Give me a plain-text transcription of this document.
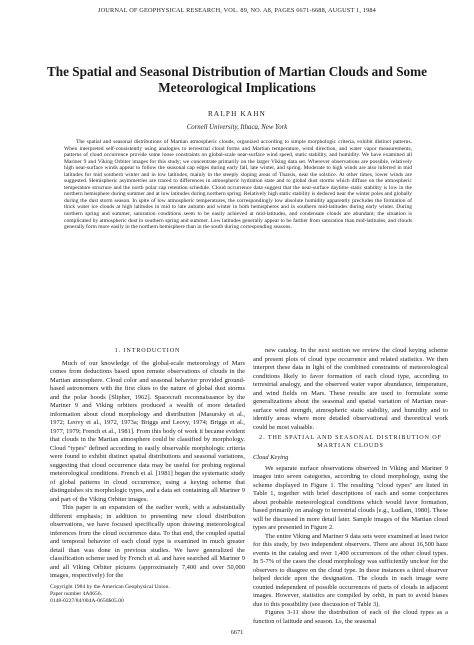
JOURNAL OF GEOPHYSICAL RESEARCH, VOL. 89, NO. A8, PAGES 6671-6688, AUGUST 1, 1984
The Spatial and Seasonal Distribution of Martian Clouds and Some Meteorological Implications
RALPH KAHN
Cornell University, Ithaca, New York

The spatial and seasonal distributions of Martian atmospheric clouds, organized according to simple morphologic criteria, exhibit distinct patterns. When interpreted self-consistently using analogies to terrestrial cloud forms and Martian temperature, wind direction, and water vapor measurements, patterns of cloud occurrence provide some loose constraints on global-scale near-surface wind speed, static stability, and humidity. We have examined all Mariner 9 and Viking Orbiter images for this study; we concentrate primarily on the larger Viking data set. Wherever observations are possible, relatively high near-surface winds appear to follow the seasonal cap edges during early fall, late winter, and spring. Moderate to high winds are also inferred in mid latitudes for mid southern winter and in low latitudes, mainly in the steeply sloping areas of Tharsis, near the solstice. At other times, lower winds are suggested. Hemispheric asymmetries are traced to differences in atmospheric hydration state and to global dust storms which diffuse on the atmospheric temperature structure and the north polar cap retention schedule. Cloud occurrence data suggest that the near-surface daytime static stability is low in the northern hemisphere during summer and at low latitudes during northern spring. Relatively high static stability is deduced near the winter poles and globally during the dust storm season. In spite of low atmospheric temperatures, the correspondingly low absolute humidity apparently precludes the formation of thick water ice clouds at high latitudes in mid to late autumn and winter in both hemispheres and in southern mid-latitudes during early winter. During northern spring and summer, saturation conditions seem to be easily achieved at mid-latitudes, and condensate clouds are abundant; the situation is complicated by atmospheric dust in southern spring and summer. Low latitudes generally appear to be farther from saturation than mid-latitudes, and clouds generally form more easily in the northern hemisphere than in the south during corresponding seasons.

1. INTRODUCTION

Much of our knowledge of the global-scale meteorology of Mars comes from deductions based upon remote observations of clouds in the Martian atmosphere. Cloud color and seasonal behavior provided ground-based astronomers with the first clues to the nature of global dust storms and the polar hoods [Slipher, 1962]. Spacecraft reconnaissance by the Mariner 9 and Viking orbiters produced a wealth of more detailed information about cloud morphology and distribution [Masursky et al., 1972; Leovy et al., 1972, 1973a; Briggs and Leovy, 1974; Briggs et al., 1977, 1979; French et al., 1981]. From this body of work it became evident that clouds in the Martian atmosphere could be classified by morphology. Cloud "types" defined according to easily observable morphologic criteria were found to exhibit distinct spatial distributions and seasonal variations, suggesting that cloud occurrence data may be useful for probing regional meteorological conditions. French et al. [1981] began the systematic study of global patterns in cloud occurrence, using a keying scheme that distinguishes six morphologic types, and a data set containing all Mariner 9 and part of the Viking Orbiter images.

This paper is an expansion of the earlier work, with a substantially different emphasis; in addition to presenting new cloud distribution observations, we have focused specifically upon drawing meteorological inferences from the cloud occurrence data. To that end, the coupled spatial and temporal behavior of each cloud type is examined in much greater detail than was done in previous studies. We have generalized the classification scheme used by French et al. and have searched all Mariner 9 and all Viking Orbiter pictures (approximately 7,400 and over 50,000 images, respectively) for the

new catalog. In the next section we review the cloud keying scheme and present plots of cloud type occurrence and related statistics. We then interpret these data in light of the combined constraints of meteorological conditions likely to favor formation of each cloud type, according to terrestrial analogy, and the observed water vapor abundance, temperature, and wind fields on Mars. These results are used to formulate some generalizations about the seasonal and spatial variation of Martian near-surface wind strength, atmospheric static stability, and humidity and to identify areas where more detailed observational and theoretical work could be most valuable.

2. THE SPATIAL AND SEASONAL DISTRIBUTION OF MARTIAN CLOUDS
Cloud Keying

We separate surface observations observed in Viking and Mariner 9 images into seven categories, according to cloud morphology, using the scheme displayed in Figure 1. The resulting "cloud types" are listed in Table 1, together with brief descriptions of each and some conjectures about probable meteorological conditions which would favor formation, based primarily on analogy to terrestrial clouds [e.g., Ludlam, 1980]. These will be discussed in more detail later. Sample images of the Martian cloud types are presented in Figure 2.

The entire Viking and Mariner 9 data sets were examined at least twice for this study, by two independent observers. There are about 16,500 haze events in the catalog and over 1,400 occurrences of the other cloud types. In 5-7% of the cases the cloud morphology was sufficiently unclear for the observers to disagree on the cloud type. In these instances a third observer helped decide upon the designation. The clouds in each image were counted independent of possible occurrences of parts of clouds in adjacent images. However, statistics are compiled by orbit, in part to avoid biases due to this possibility (see discussion of Table 3).

Figures 3-11 show the distribution of each of the cloud types as a function of latitude and season. Ls, the seasonal

Copyright 1984 by the American Geophysical Union.
Paper number 4A0656.
0148-0227/84/004A-0656$05.00
6671
